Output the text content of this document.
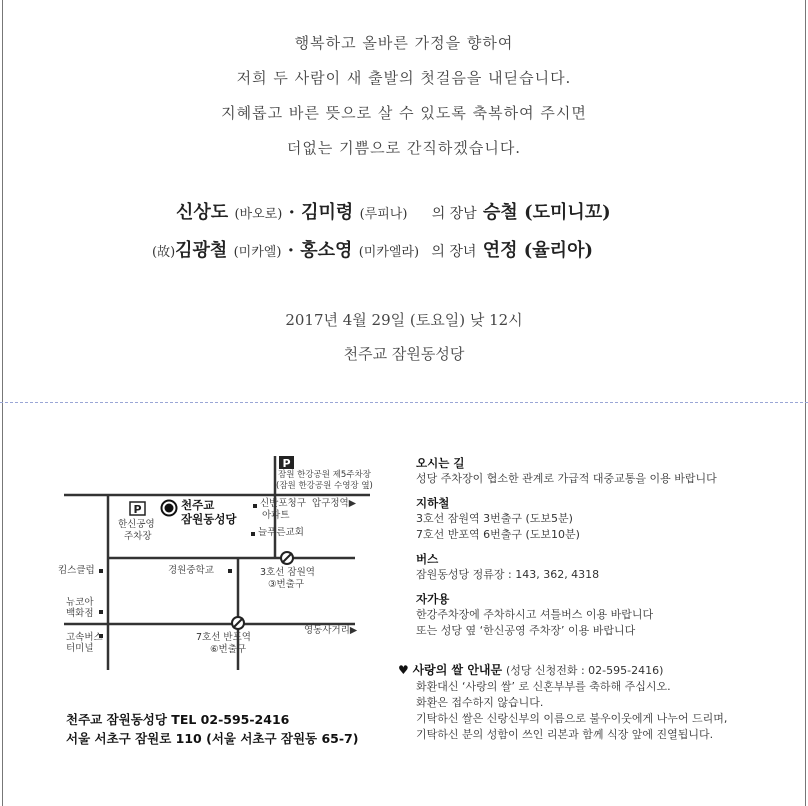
행복하고 올바른 가정을 향하여
저희 두 사람이 새 출발의 첫걸음을 내딛습니다.
지혜롭고 바른 뜻으로 살 수 있도록 축복하여 주시면
더없는 기쁨으로 간직하겠습니다.
신상도 (바오로) · 김미령 (루피나) 의 장남 승철 (도미니꼬)
(故)김광철 (미카엘) · 홍소영 (미카엘라) 의 장녀 연정 (율리아)
2017년 4월 29일 (토요일) 낮 12시
천주교 잠원동성당
P
P
잠원 한강공원 제5주차장
(잠원 한강공원 수영장 옆)
천주교
잠원동성당
한신공영
주차장
신반포청구
아파트
압구정역▶
늘푸른교회
킴스클럽	경원중학교	3호선 잠원역
③번출구
뉴코아
백화점
고속버스
터미널
7호선 반포역
⑥번출구
영동사거리▶
천주교 잠원동성당 TEL 02-595-2416
서울 서초구 잠원로 110 (서울 서초구 잠원동 65-7)
오시는 길
성당 주차장이 협소한 관계로 가급적 대중교통을 이용 바랍니다
지하철
3호선 잠원역 3번출구 (도보5분)
7호선 반포역 6번출구 (도보10분)
버스
잠원동성당 정류장 : 143, 362, 4318
자가용
한강주차장에 주차하시고 셔틀버스 이용 바랍니다
또는 성당 옆 ‘한신공영 주차장’ 이용 바랍니다
♥ 사랑의 쌀 안내문 (성당 신청전화 : 02-595-2416)
화환대신 ‘사랑의 쌀’ 로 신혼부부를 축하해 주십시오.
화환은 접수하지 않습니다.
기탁하신 쌀은 신랑신부의 이름으로 불우이웃에게 나누어 드리며,
기탁하신 분의 성함이 쓰인 리본과 함께 식장 앞에 진열됩니다.
